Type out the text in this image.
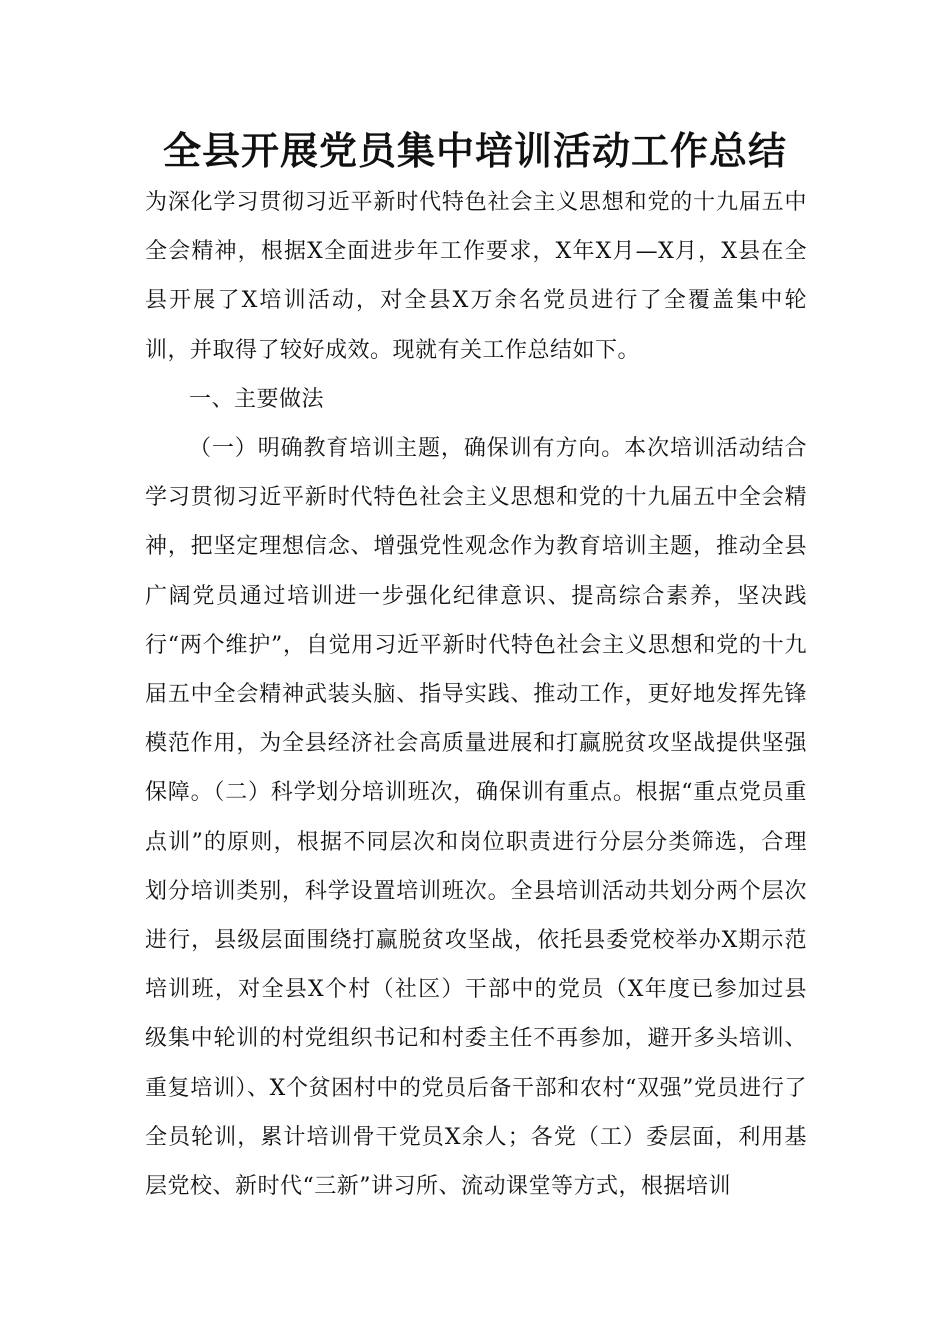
全县开展党员集中培训活动工作总结

为深化学习贯彻习近平新时代特色社会主义思想和党的十九届五中全会精神，根据X全面进步年工作要求，X年X月—X月，X县在全县开展了X培训活动，对全县X万余名党员进行了全覆盖集中轮训，并取得了较好成效。现就有关工作总结如下。

一、主要做法

（一）明确教育培训主题，确保训有方向。本次培训活动结合学习贯彻习近平新时代特色社会主义思想和党的十九届五中全会精神，把坚定理想信念、增强党性观念作为教育培训主题，推动全县广阔党员通过培训进一步强化纪律意识、提高综合素养，坚决践行“两个维护”，自觉用习近平新时代特色社会主义思想和党的十九届五中全会精神武装头脑、指导实践、推动工作，更好地发挥先锋模范作用，为全县经济社会高质量进展和打赢脱贫攻坚战提供坚强保障。（二）科学划分培训班次，确保训有重点。根据“重点党员重点训”的原则，根据不同层次和岗位职责进行分层分类筛选，合理划分培训类别，科学设置培训班次。全县培训活动共划分两个层次进行，县级层面围绕打赢脱贫攻坚战，依托县委党校举办X期示范培训班，对全县X个村（社区）干部中的党员（X年度已参加过县级集中轮训的村党组织书记和村委主任不再参加，避开多头培训、重复培训）、X个贫困村中的党员后备干部和农村“双强”党员进行了全员轮训，累计培训骨干党员X余人；各党（工）委层面，利用基层党校、新时代“三新”讲习所、流动课堂等方式，根据培训
